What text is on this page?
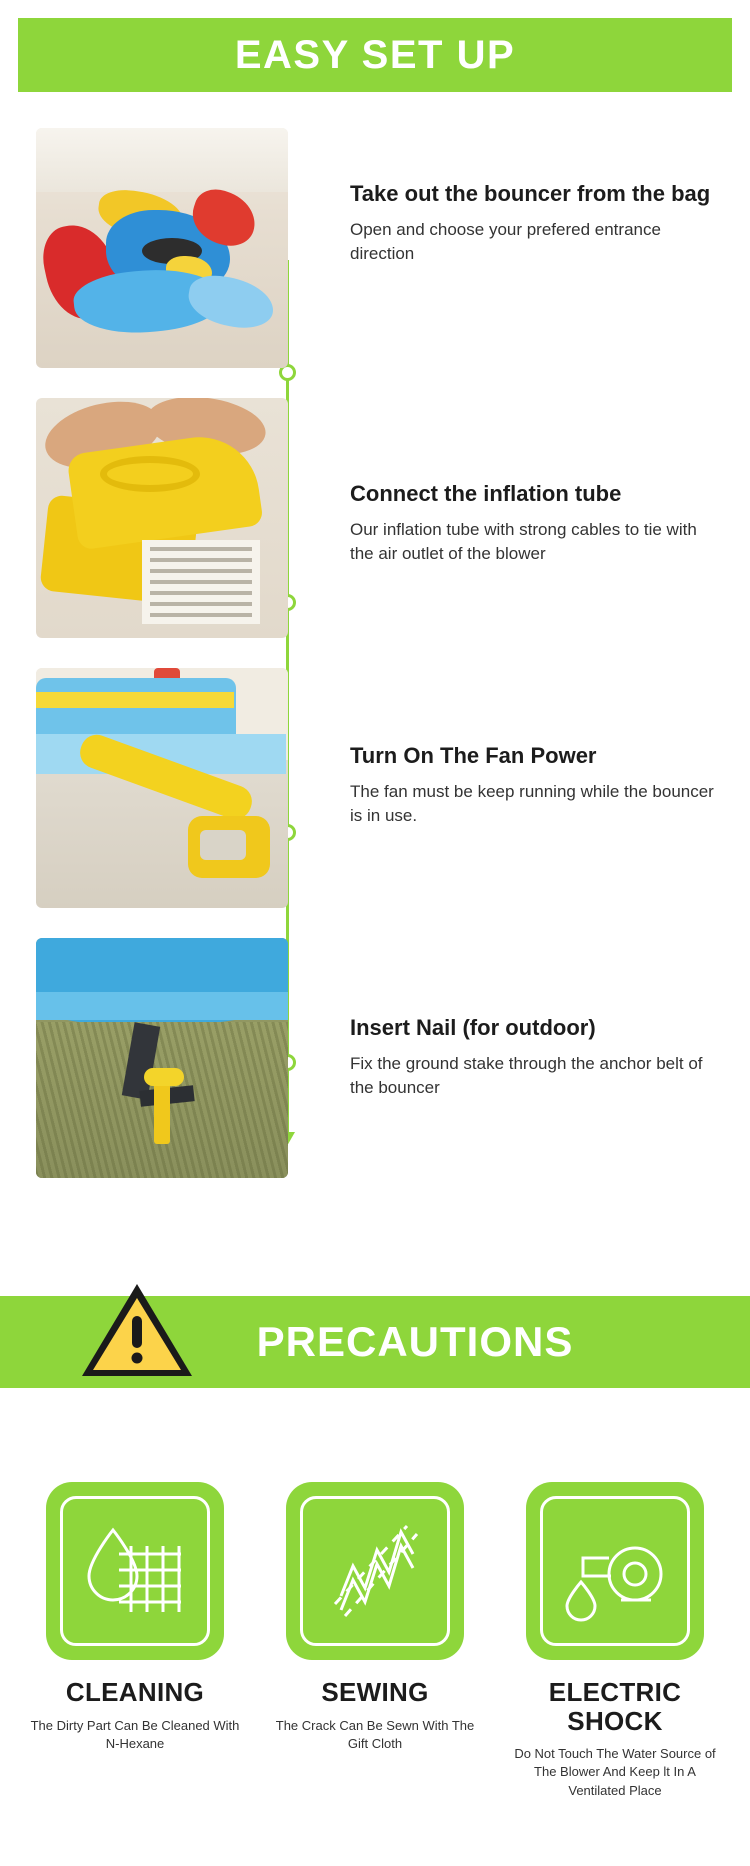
EASY SET UP
Take out the bouncer from the bag
Open and choose your prefered entrance direction
Connect the inflation tube
Our inflation tube with strong cables to tie with the air outlet of the blower
Turn On The Fan Power
The fan must be keep running while the bouncer is in use.
Insert Nail (for outdoor)
Fix the ground stake through the anchor belt of the bouncer
PRECAUTIONS
CLEANING

The Dirty Part Can Be Cleaned With N-Hexane

SEWING

The Crack Can Be Sewn With The Gift Cloth

ELECTRIC SHOCK

Do Not Touch The Water Source of The Blower And Keep lt In A Ventilated Place
